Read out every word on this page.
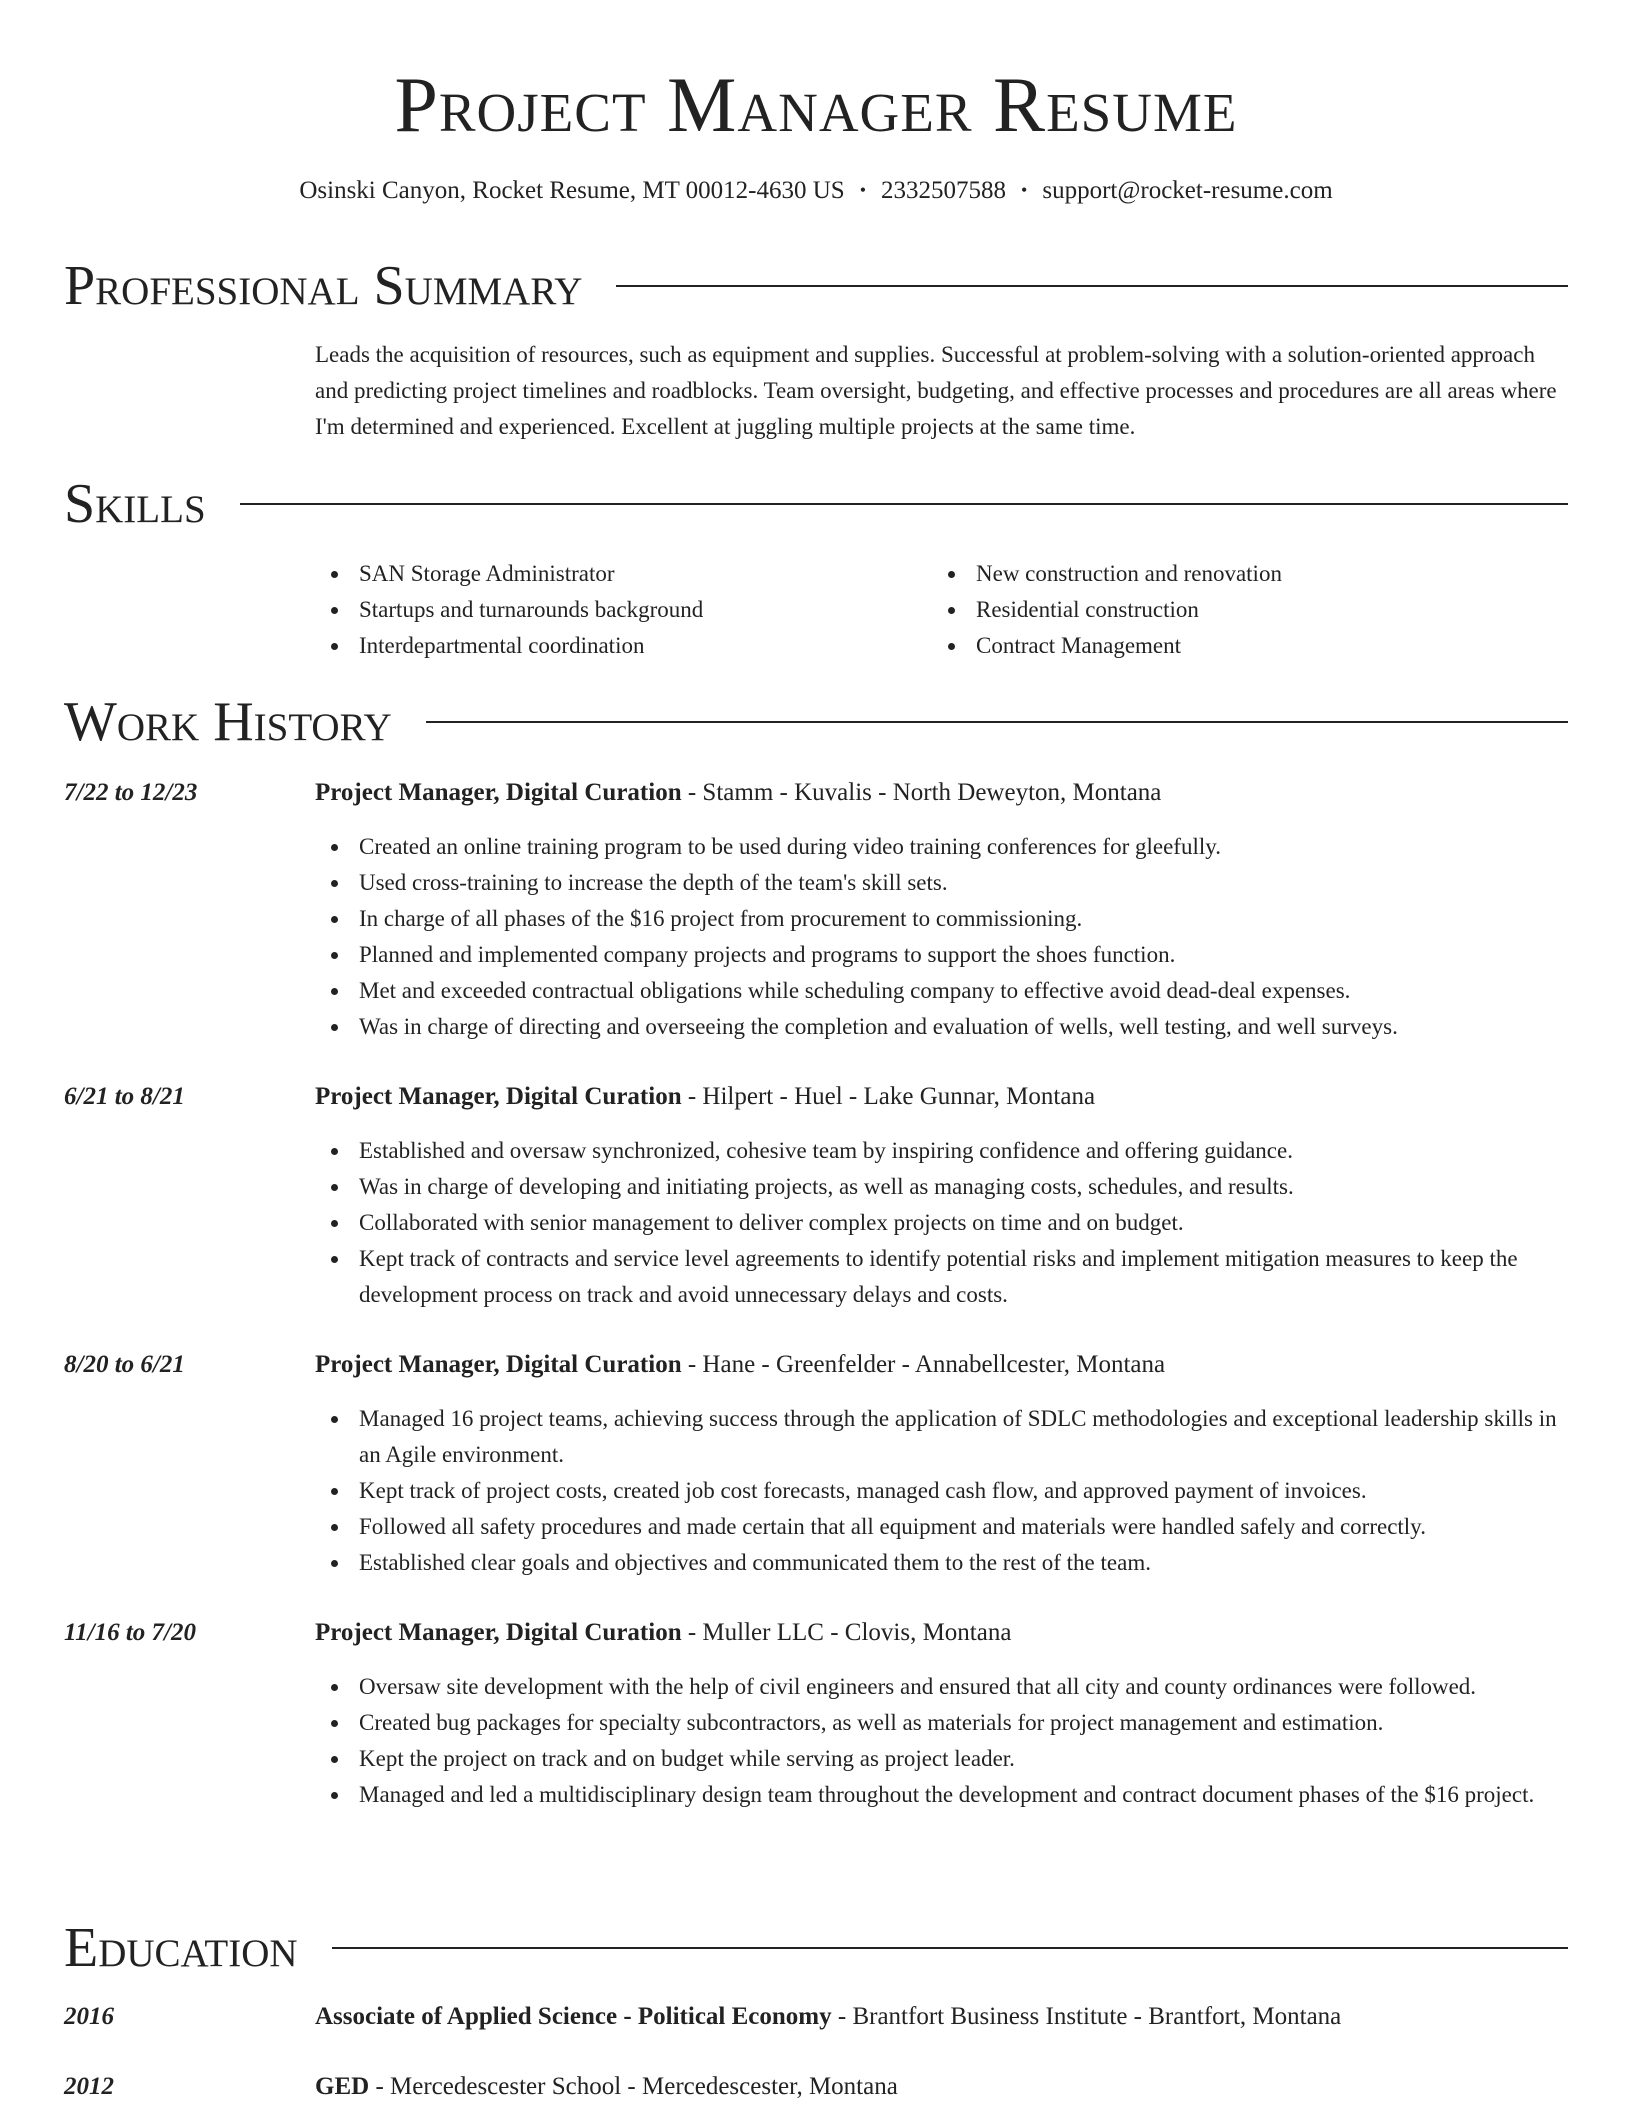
Project Manager Resume
Osinski Canyon, Rocket Resume, MT 00012-4630 US • 2332507588 • support@rocket-resume.com
Professional Summary
Leads the acquisition of resources, such as equipment and supplies. Successful at problem-solving with a solution-oriented approach and predicting project timelines and roadblocks. Team oversight, budgeting, and effective processes and procedures are all areas where I'm determined and experienced. Excellent at juggling multiple projects at the same time.
Skills
SAN Storage Administrator
Startups and turnarounds background
Interdepartmental coordination
New construction and renovation
Residential construction
Contract Management
Work History
7/22 to 12/23	Project Manager, Digital Curation - Stamm - Kuvalis - North Deweyton, Montana
Created an online training program to be used during video training conferences for gleefully.
Used cross-training to increase the depth of the team's skill sets.
In charge of all phases of the $16 project from procurement to commissioning.
Planned and implemented company projects and programs to support the shoes function.
Met and exceeded contractual obligations while scheduling company to effective avoid dead-deal expenses.
Was in charge of directing and overseeing the completion and evaluation of wells, well testing, and well surveys.
6/21 to 8/21	Project Manager, Digital Curation - Hilpert - Huel - Lake Gunnar, Montana
Established and oversaw synchronized, cohesive team by inspiring confidence and offering guidance.
Was in charge of developing and initiating projects, as well as managing costs, schedules, and results.
Collaborated with senior management to deliver complex projects on time and on budget.
Kept track of contracts and service level agreements to identify potential risks and implement mitigation measures to keep the development process on track and avoid unnecessary delays and costs.
8/20 to 6/21	Project Manager, Digital Curation - Hane - Greenfelder - Annabellcester, Montana
Managed 16 project teams, achieving success through the application of SDLC methodologies and exceptional leadership skills in an Agile environment.
Kept track of project costs, created job cost forecasts, managed cash flow, and approved payment of invoices.
Followed all safety procedures and made certain that all equipment and materials were handled safely and correctly.
Established clear goals and objectives and communicated them to the rest of the team.
11/16 to 7/20	Project Manager, Digital Curation - Muller LLC - Clovis, Montana
Oversaw site development with the help of civil engineers and ensured that all city and county ordinances were followed.
Created bug packages for specialty subcontractors, as well as materials for project management and estimation.
Kept the project on track and on budget while serving as project leader.
Managed and led a multidisciplinary design team throughout the development and contract document phases of the $16 project.
Education
2016	Associate of Applied Science - Political Economy - Brantfort Business Institute - Brantfort, Montana
2012	GED - Mercedescester School - Mercedescester, Montana
